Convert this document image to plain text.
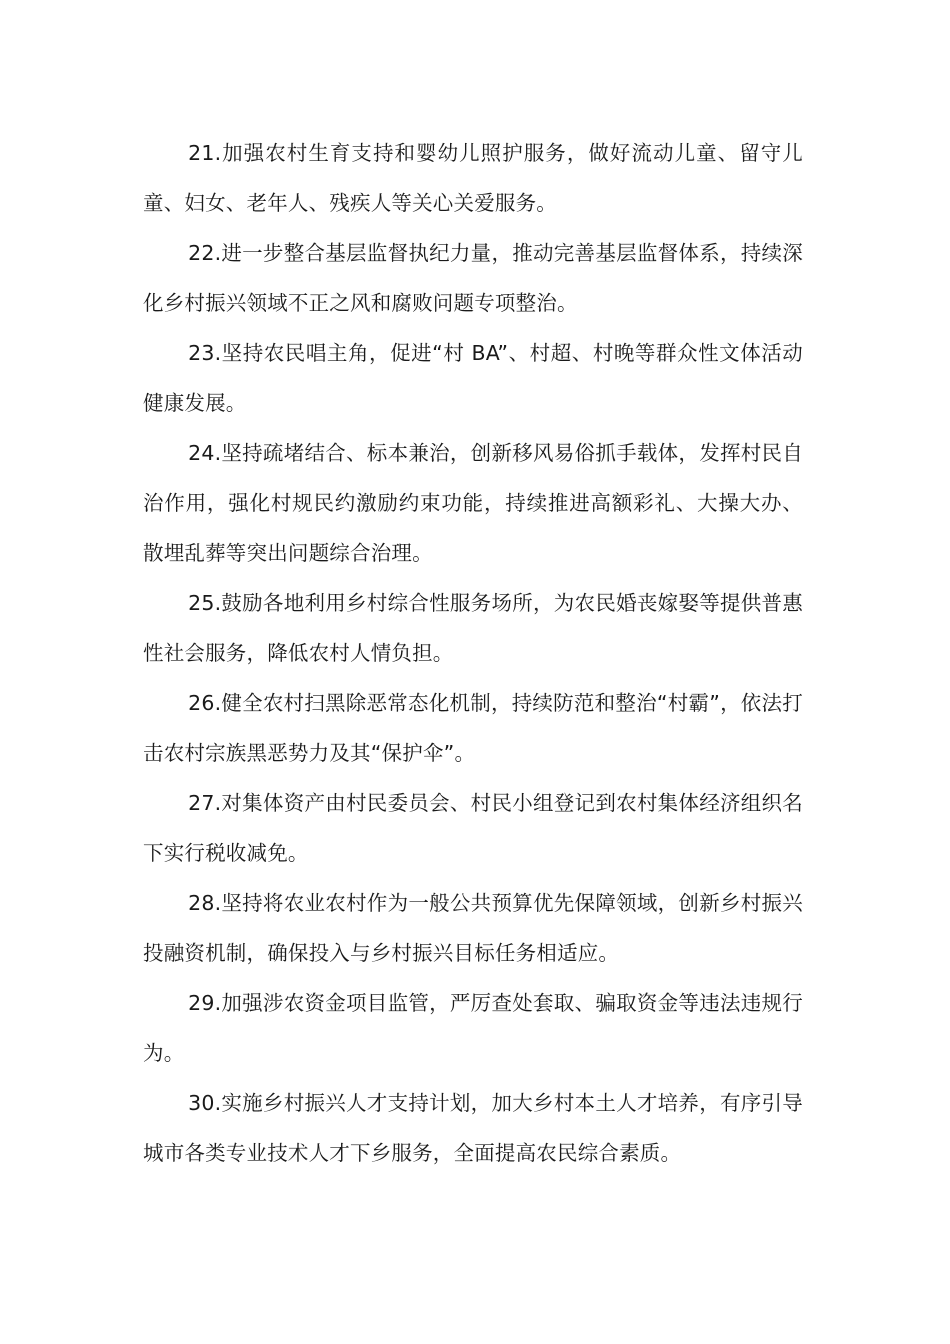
21.加强农村生育支持和婴幼儿照护服务，做好流动儿童、留守儿童、妇女、老年人、残疾人等关心关爱服务。

22.进一步整合基层监督执纪力量，推动完善基层监督体系，持续深化乡村振兴领域不正之风和腐败问题专项整治。

23.坚持农民唱主角，促进“村 BA”、村超、村晚等群众性文体活动健康发展。

24.坚持疏堵结合、标本兼治，创新移风易俗抓手载体，发挥村民自治作用，强化村规民约激励约束功能，持续推进高额彩礼、大操大办、散埋乱葬等突出问题综合治理。

25.鼓励各地利用乡村综合性服务场所，为农民婚丧嫁娶等提供普惠性社会服务，降低农村人情负担。

26.健全农村扫黑除恶常态化机制，持续防范和整治“村霸”，依法打击农村宗族黑恶势力及其“保护伞”。

27.对集体资产由村民委员会、村民小组登记到农村集体经济组织名下实行税收减免。

28.坚持将农业农村作为一般公共预算优先保障领域，创新乡村振兴投融资机制，确保投入与乡村振兴目标任务相适应。

29.加强涉农资金项目监管，严厉查处套取、骗取资金等违法违规行为。

30.实施乡村振兴人才支持计划，加大乡村本土人才培养，有序引导城市各类专业技术人才下乡服务，全面提高农民综合素质。
